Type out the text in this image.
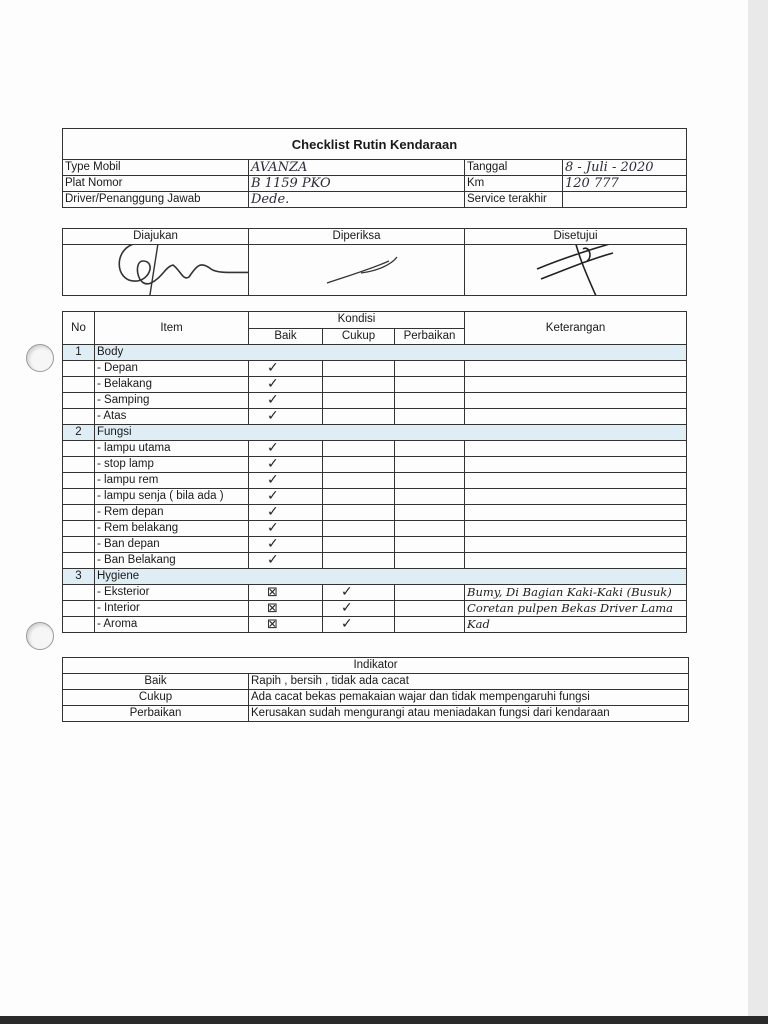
Checklist Rutin Kendaraan			
Type Mobil	AVANZA	Tanggal	8 - Juli - 2020
Plat Nomor	B 1159 PKO	Km	120 777
Driver/Penanggung Jawab	Dede.	Service terakhir	
Diajukan	Diperiksa	Disetujui

No	Item	Kondisi			Keterangan
		Baik	Cukup	Perbaikan	
1	Body				
	- Depan	✓			
	- Belakang	✓			
	- Samping	✓			
	- Atas	✓			
2	Fungsi				
	- lampu utama	✓			
	- stop lamp	✓			
	- lampu rem	✓			
	- lampu senja ( bila ada )	✓			
	- Rem depan	✓			
	- Rem belakang	✓			
	- Ban depan	✓			
	- Ban Belakang	✓			
3	Hygiene				
	- Eksterior	⊠	✓		Bumy, Di Bagian Kaki-Kaki (Busuk)
	- Interior	⊠	✓		Coretan pulpen Bekas Driver Lama
	- Aroma	⊠	✓		Kad
Indikator	
Baik	Rapih , bersih , tidak ada cacat
Cukup	Ada cacat bekas pemakaian wajar dan tidak mempengaruhi fungsi
Perbaikan	Kerusakan sudah mengurangi atau meniadakan fungsi dari kendaraan
